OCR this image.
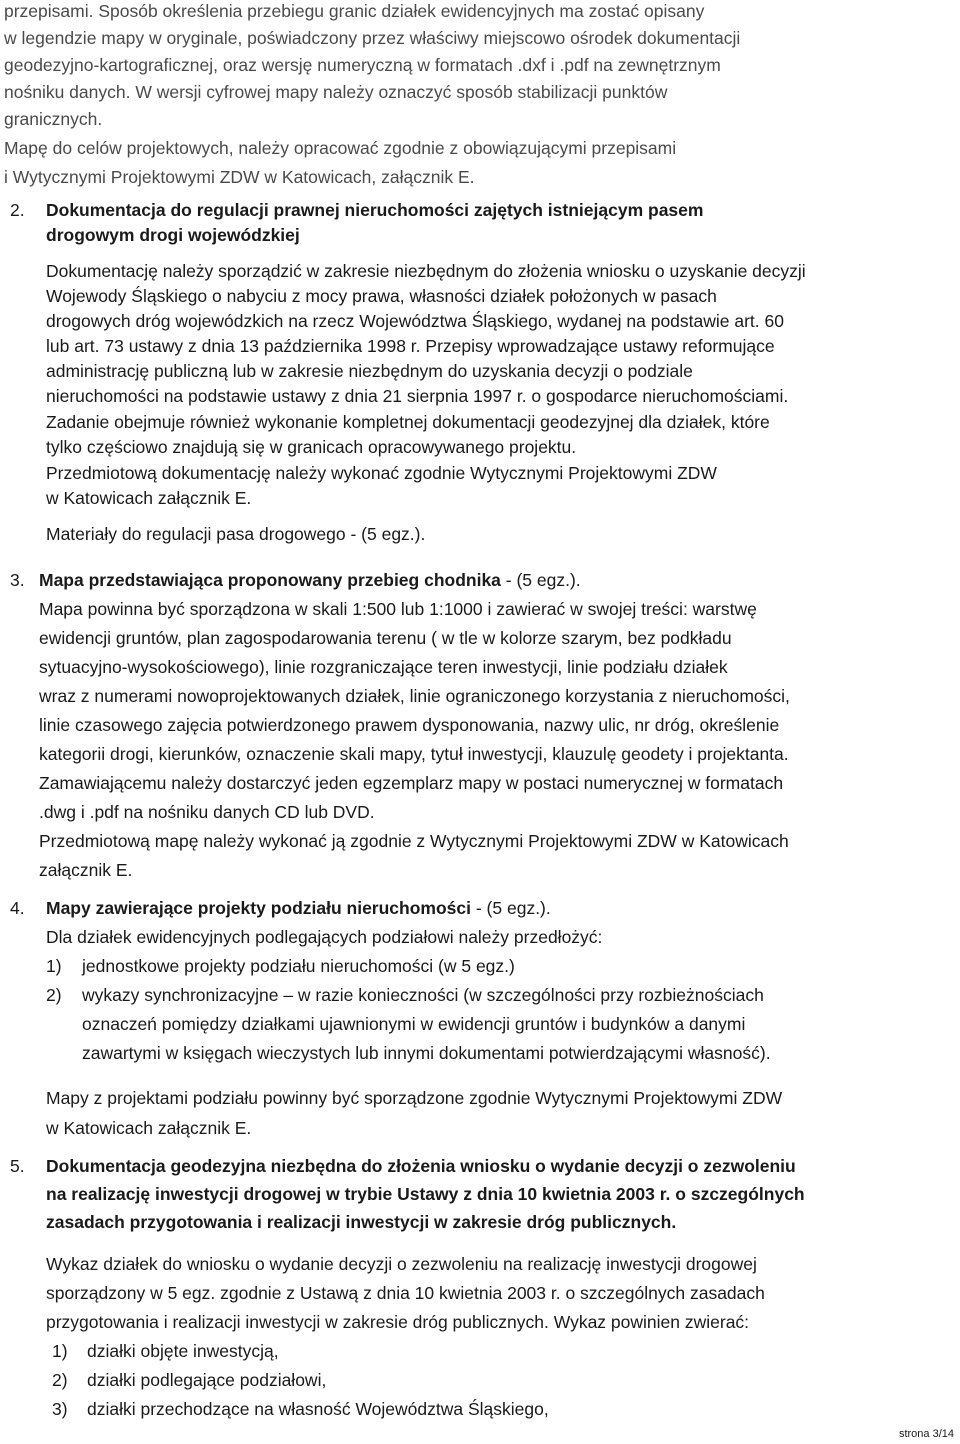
przepisami. Sposób określenia przebiegu granic działek ewidencyjnych ma zostać opisany
w legendzie mapy w oryginale, poświadczony przez właściwy miejscowo ośrodek dokumentacji
geodezyjno-kartograficznej, oraz wersję numeryczną w formatach .dxf i .pdf na zewnętrznym
nośniku danych. W wersji cyfrowej mapy należy oznaczyć sposób stabilizacji punktów
granicznych.
Mapę do celów projektowych, należy opracować zgodnie z obowiązującymi przepisami
i Wytycznymi Projektowymi ZDW w Katowicach, załącznik E.
2. Dokumentacja do regulacji prawnej nieruchomości zajętych istniejącym pasem
drogowym drogi wojewódzkiej
Dokumentację należy sporządzić w zakresie niezbędnym do złożenia wniosku o uzyskanie decyzji
Wojewody Śląskiego o nabyciu z mocy prawa, własności działek położonych w pasach
drogowych dróg wojewódzkich na rzecz Województwa Śląskiego, wydanej na podstawie art. 60
lub art. 73 ustawy z dnia 13 października 1998 r. Przepisy wprowadzające ustawy reformujące
administrację publiczną lub w zakresie niezbędnym do uzyskania decyzji o podziale
nieruchomości na podstawie ustawy z dnia 21 sierpnia 1997 r. o gospodarce nieruchomościami.
Zadanie obejmuje również wykonanie kompletnej dokumentacji geodezyjnej dla działek, które
tylko częściowo znajdują się w granicach opracowywanego projektu.
Przedmiotową dokumentację należy wykonać zgodnie Wytycznymi Projektowymi ZDW
w Katowicach załącznik E.
Materiały do regulacji pasa drogowego - (5 egz.).
3. Mapa przedstawiająca proponowany przebieg chodnika - (5 egz.).
Mapa powinna być sporządzona w skali 1:500 lub 1:1000 i zawierać w swojej treści: warstwę
ewidencji gruntów, plan zagospodarowania terenu ( w tle w kolorze szarym, bez podkładu
sytuacyjno-wysokościowego), linie rozgraniczające teren inwestycji, linie podziału działek
wraz z numerami nowoprojektowanych działek, linie ograniczonego korzystania z nieruchomości,
linie czasowego zajęcia potwierdzonego prawem dysponowania, nazwy ulic, nr dróg, określenie
kategorii drogi, kierunków, oznaczenie skali mapy, tytuł inwestycji, klauzulę geodety i projektanta.
Zamawiającemu należy dostarczyć jeden egzemplarz mapy w postaci numerycznej w formatach
.dwg i .pdf na nośniku danych CD lub DVD.
Przedmiotową mapę należy wykonać ją zgodnie z Wytycznymi Projektowymi ZDW w Katowicach
załącznik E.
4. Mapy zawierające projekty podziału nieruchomości - (5 egz.).
Dla działek ewidencyjnych podlegających podziałowi należy przedłożyć:
1) jednostkowe projekty podziału nieruchomości (w 5 egz.)
2) wykazy synchronizacyjne – w razie konieczności (w szczególności przy rozbieżnościach
oznaczeń pomiędzy działkami ujawnionymi w ewidencji gruntów i budynków a danymi
zawartymi w księgach wieczystych lub innymi dokumentami potwierdzającymi własność).
Mapy z projektami podziału powinny być sporządzone zgodnie Wytycznymi Projektowymi ZDW
w Katowicach załącznik E.
5. Dokumentacja geodezyjna niezbędna do złożenia wniosku o wydanie decyzji o zezwoleniu
na realizację inwestycji drogowej w trybie Ustawy z dnia 10 kwietnia 2003 r. o szczególnych
zasadach przygotowania i realizacji inwestycji w zakresie dróg publicznych.
Wykaz działek do wniosku o wydanie decyzji o zezwoleniu na realizację inwestycji drogowej
sporządzony w 5 egz. zgodnie z Ustawą z dnia 10 kwietnia 2003 r. o szczególnych zasadach
przygotowania i realizacji inwestycji w zakresie dróg publicznych. Wykaz powinien zwierać:
1) działki objęte inwestycją,
2) działki podlegające podziałowi,
3) działki przechodzące na własność Województwa Śląskiego,
strona 3/14
